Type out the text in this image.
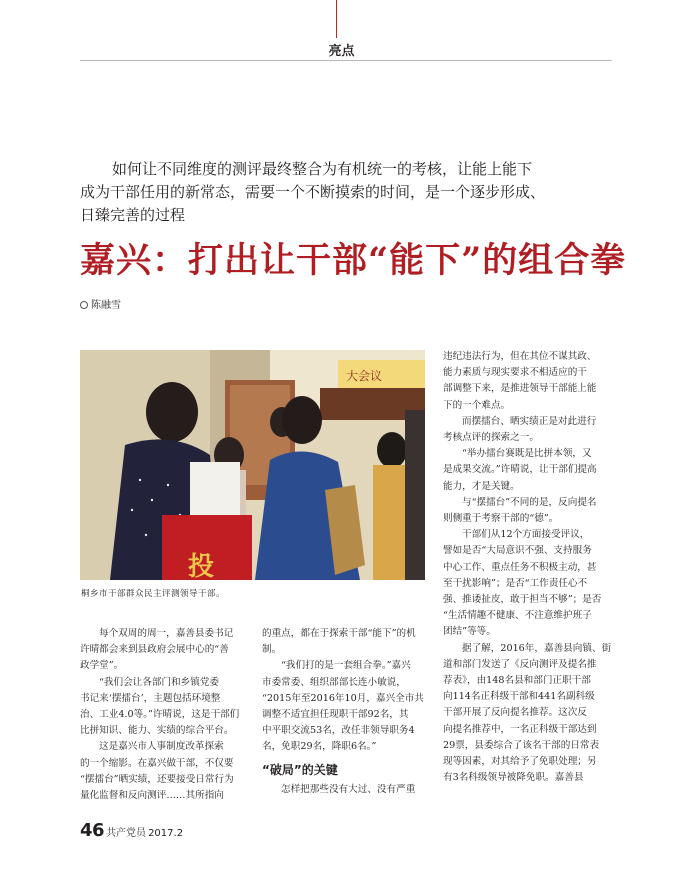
亮点
如何让不同维度的测评最终整合为有机统一的考核，让能上能下
成为干部任用的新常态，需要一个不断摸索的时间，是一个逐步形成、
日臻完善的过程
嘉兴：打出让干部“能下”的组合拳
陈融雪
大会议
投
桐乡市干部群众民主评测领导干部。

每个双周的周一，嘉善县委书记
许晴都会来到县政府会展中心的“善
政学堂”。

“我们会让各部门和乡镇党委
书记来‘摆擂台’，主题包括环境整
治、工业4.0等。”许晴说，这是干部们
比拼知识、能力、实绩的综合平台。

这是嘉兴市人事制度改革探索
的一个缩影。在嘉兴做干部，不仅要
“摆擂台”晒实绩，还要接受日常行为
量化监督和反向测评……其所指向

的重点，都在于探索干部“能下”的机
制。

“我们打的是一套组合拳。”嘉兴
市委常委、组织部部长连小敏说，
“2015年至2016年10月，嘉兴全市共
调整不适宜担任现职干部92名，其
中平职交流53名，改任非领导职务4
名，免职29名，降职6名。”

“破局”的关键

怎样把那些没有大过、没有严重

违纪违法行为，但在其位不谋其政、
能力素质与现实要求不相适应的干
部调整下来，是推进领导干部能上能
下的一个难点。

而摆擂台、晒实绩正是对此进行
考核点评的探索之一。

“举办擂台赛既是比拼本领，又
是成果交流。”许晴说，让干部们提高
能力，才是关键。

与“摆擂台”不同的是，反向提名
则侧重于考察干部的“德”。

干部们从12个方面接受评议，
譬如是否“大局意识不强、支持服务
中心工作、重点任务不积极主动，甚
至干扰影响”；是否“工作责任心不
强、推诿扯皮，敢于担当不够”；是否
“生活情趣不健康、不注意维护班子
团结”等等。

据了解，2016年，嘉善县向镇、街
道和部门发送了《反向测评及提名推
荐表》，由148名县和部门正职干部
向114名正科级干部和441名副科级
干部开展了反向提名推荐。这次反
向提名推荐中，一名正科级干部达到
29票，县委综合了该名干部的日常表
现等因素，对其给予了免职处理；另
有3名科级领导被降免职。嘉善县

46 共产党员 2017.2
